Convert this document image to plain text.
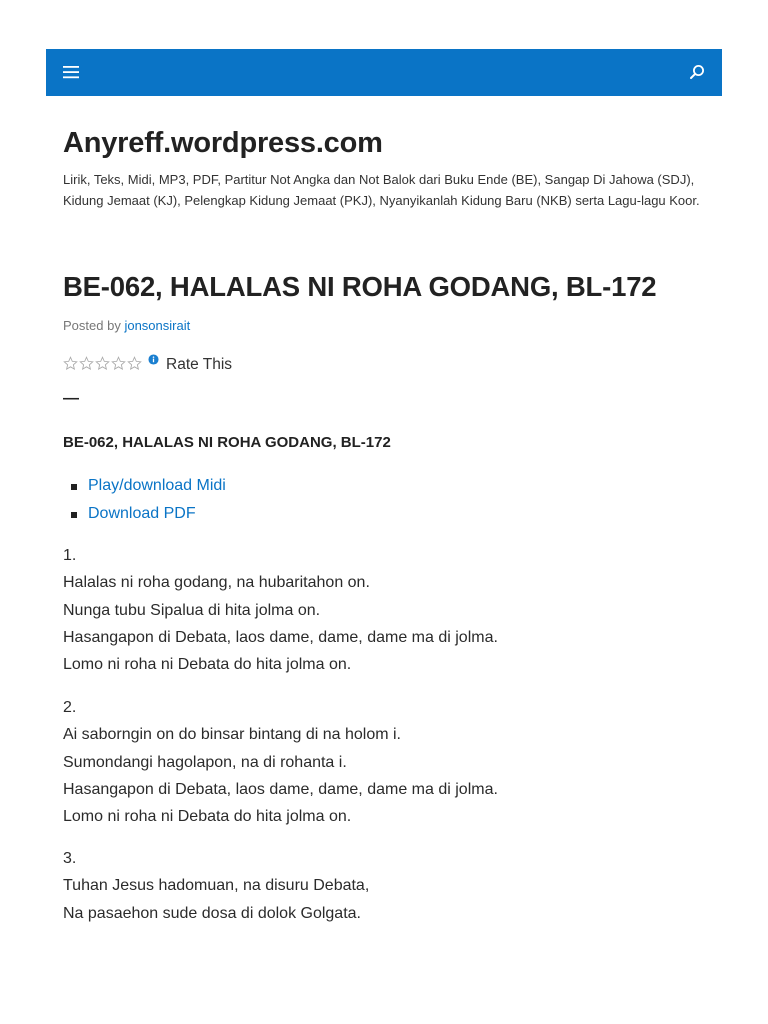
Anyreff.wordpress.com

Lirik, Teks, Midi, MP3, PDF, Partitur Not Angka dan Not Balok dari Buku Ende (BE), Sangap Di Jahowa (SDJ), Kidung Jemaat (KJ), Pelengkap Kidung Jemaat (PKJ), Nyanyikanlah Kidung Baru (NKB) serta Lagu-lagu Koor.

BE-062, HALALAS NI ROHA GODANG, BL-172
Posted by jonsonsirait
Rate This
—
BE-062, HALALAS NI ROHA GODANG, BL-172
Play/download Midi
Download PDF
1.
Halalas ni roha godang, na hubaritahon on.
Nunga tubu Sipalua di hita jolma on.
Hasangapon di Debata, laos dame, dame, dame ma di jolma.
Lomo ni roha ni Debata do hita jolma on.
2.
Ai saborngin on do binsar bintang di na holom i.
Sumondangi hagolapon, na di rohanta i.
Hasangapon di Debata, laos dame, dame, dame ma di jolma.
Lomo ni roha ni Debata do hita jolma on.
3.
Tuhan Jesus hadomuan, na disuru Debata,
Na pasaehon sude dosa di dolok Golgata.
